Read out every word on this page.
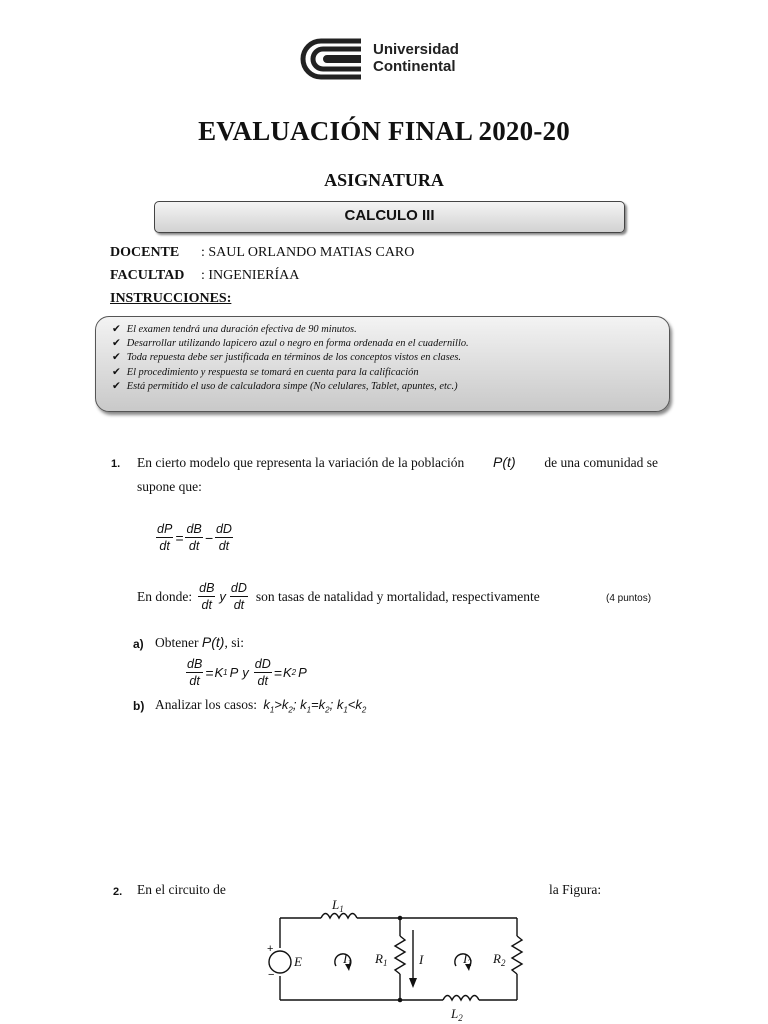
Universidad
Continental
EVALUACIÓN FINAL 2020-20
ASIGNATURA
CALCULO III
DOCENTE : SAUL ORLANDO MATIAS CARO
FACULTAD : INGENIERÍAA
INSTRUCCIONES:
✔ El examen tendrá una duración efectiva de 90 minutos.
✔ Desarrollar utilizando lapicero azul o negro en forma ordenada en el cuadernillo.
✔ Toda repuesta debe ser justificada en términos de los conceptos vistos en clases.
✔ El procedimiento y respuesta se tomará en cuenta para la calificación
✔ Está permitido el uso de calculadora simpe (No celulares, Tablet, apuntes, etc.)
1. En cierto modelo que representa la variación de la población P(t) de una comunidad se
supone que:
$\frac{dP}{dt} = \frac{dB}{dt} - \frac{dD}{dt}$
En donde: $\frac{dB}{dt}$ y $\frac{dD}{dt}$ son tasas de natalidad y mortalidad, respectivamente	(4 puntos)
a) Obtener P(t), si:
$\frac{dB}{dt} = K$ 1 P y $\frac{dD}{dt} = K$ 2 P
b) Analizar los casos: $k_1>k_2$; $k_1=k_2$; $k_1<k_2$
2. En el circuito de	la Figura:
$L_1$
$L_2$
E	$R_1$	$R_2$
I
$I_1$	$I_2$
+
−
